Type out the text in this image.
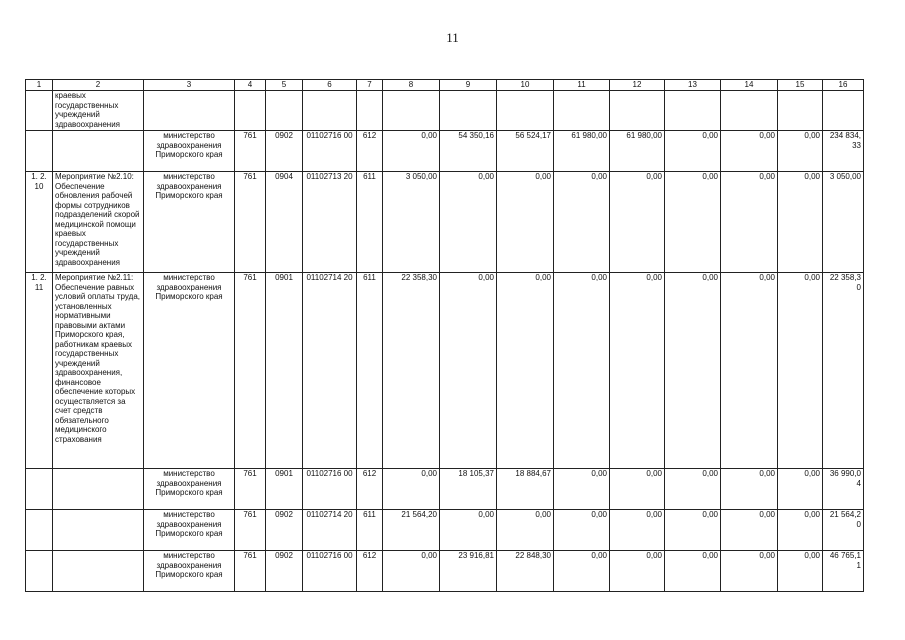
11
1	2	3	4	5	6	7	8	9	10	11	12	13	14	15	16
	краевых государственных учреждений здравоохранения														
		министерство здравоохранения Приморского края	761	0902	01102716 00	612	0,00	54 350,16	56 524,17	61 980,00	61 980,00	0,00	0,00	0,00	234 834, 33
1. 2. 10	Мероприятие №2.10: Обеспечение обновления рабочей формы сотрудников подразделений скорой медицинской помощи краевых государственных учреждений здравоохранения	министерство здравоохранения Приморского края	761	0904	01102713 20	611	3 050,00	0,00	0,00	0,00	0,00	0,00	0,00	0,00	3 050,00
1. 2. 11	Мероприятие №2.11: Обеспечение равных условий оплаты труда, установленных нормативными правовыми актами Приморского края, работникам краевых государственных учреждений здравоохранения, финансовое обеспечение которых осуществляется за счет средств обязательного медицинского страхования	министерство здравоохранения Приморского края	761	0901	01102714 20	611	22 358,30	0,00	0,00	0,00	0,00	0,00	0,00	0,00	22 358,3 0
		министерство здравоохранения Приморского края	761	0901	01102716 00	612	0,00	18 105,37	18 884,67	0,00	0,00	0,00	0,00	0,00	36 990,0 4
		министерство здравоохранения Приморского края	761	0902	01102714 20	611	21 564,20	0,00	0,00	0,00	0,00	0,00	0,00	0,00	21 564,2 0
		министерство здравоохранения Приморского края	761	0902	01102716 00	612	0,00	23 916,81	22 848,30	0,00	0,00	0,00	0,00	0,00	46 765,1 1
